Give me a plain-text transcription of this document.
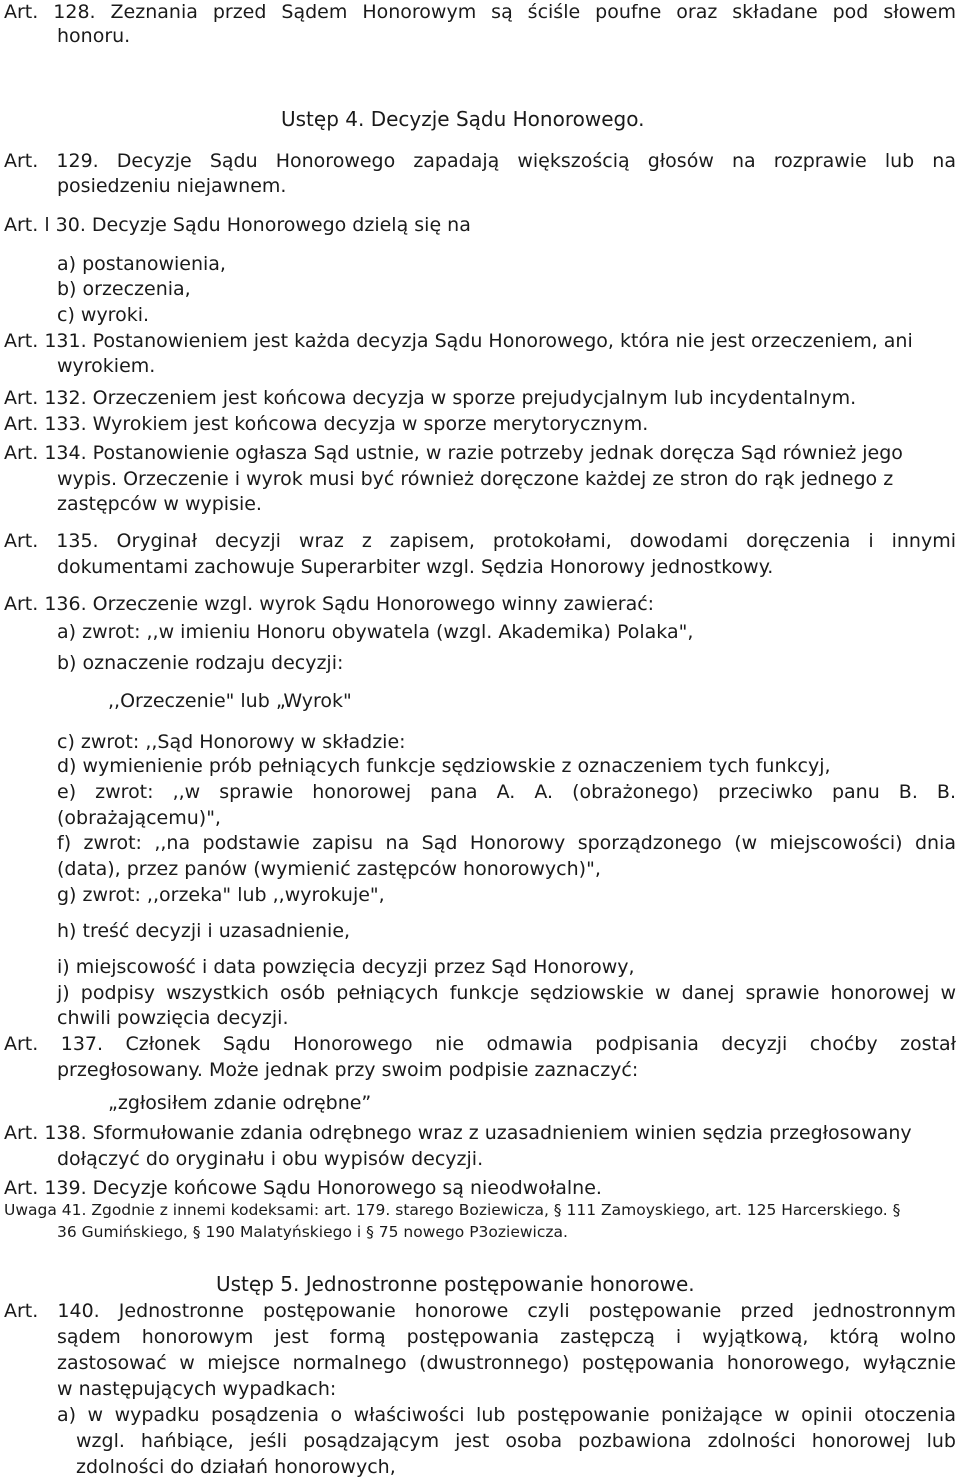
Art. 128. Zeznania przed Sądem Honorowym są ściśle poufne oraz składane pod słowem

honoru.

Ustęp 4. Decyzje Sądu Honorowego.

Art. 129. Decyzje Sądu Honorowego zapadają większością głosów na rozprawie lub na

posiedzeniu niejawnem.

Art. l 30. Decyzje Sądu Honorowego dzielą się na

a) postanowienia,

b) orzeczenia,

c) wyroki.

Art. 131. Postanowieniem jest każda decyzja Sądu Honorowego, która nie jest orzeczeniem, ani

wyrokiem.

Art. 132. Orzeczeniem jest końcowa decyzja w sporze prejudycjalnym lub incydentalnym.

Art. 133. Wyrokiem jest końcowa decyzja w sporze merytorycznym.

Art. 134. Postanowienie ogłasza Sąd ustnie, w razie potrzeby jednak doręcza Sąd również jego

wypis. Orzeczenie i wyrok musi być również doręczone każdej ze stron do rąk jednego z

zastępców w wypisie.

Art. 135. Oryginał decyzji wraz z zapisem, protokołami, dowodami doręczenia i innymi

dokumentami zachowuje Superarbiter wzgl. Sędzia Honorowy jednostkowy.

Art. 136. Orzeczenie wzgl. wyrok Sądu Honorowego winny zawierać:

a) zwrot: ,,w imieniu Honoru obywatela (wzgl. Akademika) Polaka",

b) oznaczenie rodzaju decyzji:

,,Orzeczenie" lub „Wyrok"

c) zwrot: ,,Sąd Honorowy w składzie:

d) wymienienie prób pełniących funkcje sędziowskie z oznaczeniem tych funkcyj,

e) zwrot: ,,w sprawie honorowej pana A. A. (obrażonego) przeciwko panu B. B.

(obrażającemu)",

f) zwrot: ,,na podstawie zapisu na Sąd Honorowy sporządzonego (w miejscowości) dnia

(data), przez panów (wymienić zastępców honorowych)",

g) zwrot: ,,orzeka" lub ,,wyrokuje",

h) treść decyzji i uzasadnienie,

i) miejscowość i data powzięcia decyzji przez Sąd Honorowy,

j) podpisy wszystkich osób pełniących funkcje sędziowskie w danej sprawie honorowej w

chwili powzięcia decyzji.

Art. 137. Członek Sądu Honorowego nie odmawia podpisania decyzji choćby został

przegłosowany. Może jednak przy swoim podpisie zaznaczyć:

„zgłosiłem zdanie odrębne”

Art. 138. Sformułowanie zdania odrębnego wraz z uzasadnieniem winien sędzia przegłosowany

dołączyć do oryginału i obu wypisów decyzji.

Art. 139. Decyzje końcowe Sądu Honorowego są nieodwołalne.

Uwaga 41. Zgodnie z innemi kodeksami: art. 179. starego Boziewicza, § 111 Zamoyskiego, art. 125 Harcerskiego. §

36 Gumińskiego, § 190 Malatyńskiego i § 75 nowego P3oziewicza.

Ustęp 5. Jednostronne postępowanie honorowe.

Art. 140. Jednostronne postępowanie honorowe czyli postępowanie przed jednostronnym

sądem honorowym jest formą postępowania zastępczą i wyjątkową, którą wolno

zastosować w miejsce normalnego (dwustronnego) postępowania honorowego, wyłącznie

w następujących wypadkach:

a) w wypadku posądzenia o właściwości lub postępowanie poniżające w opinii otoczenia

wzgl. hańbiące, jeśli posądzającym jest osoba pozbawiona zdolności honorowej lub

zdolności do działań honorowych,
